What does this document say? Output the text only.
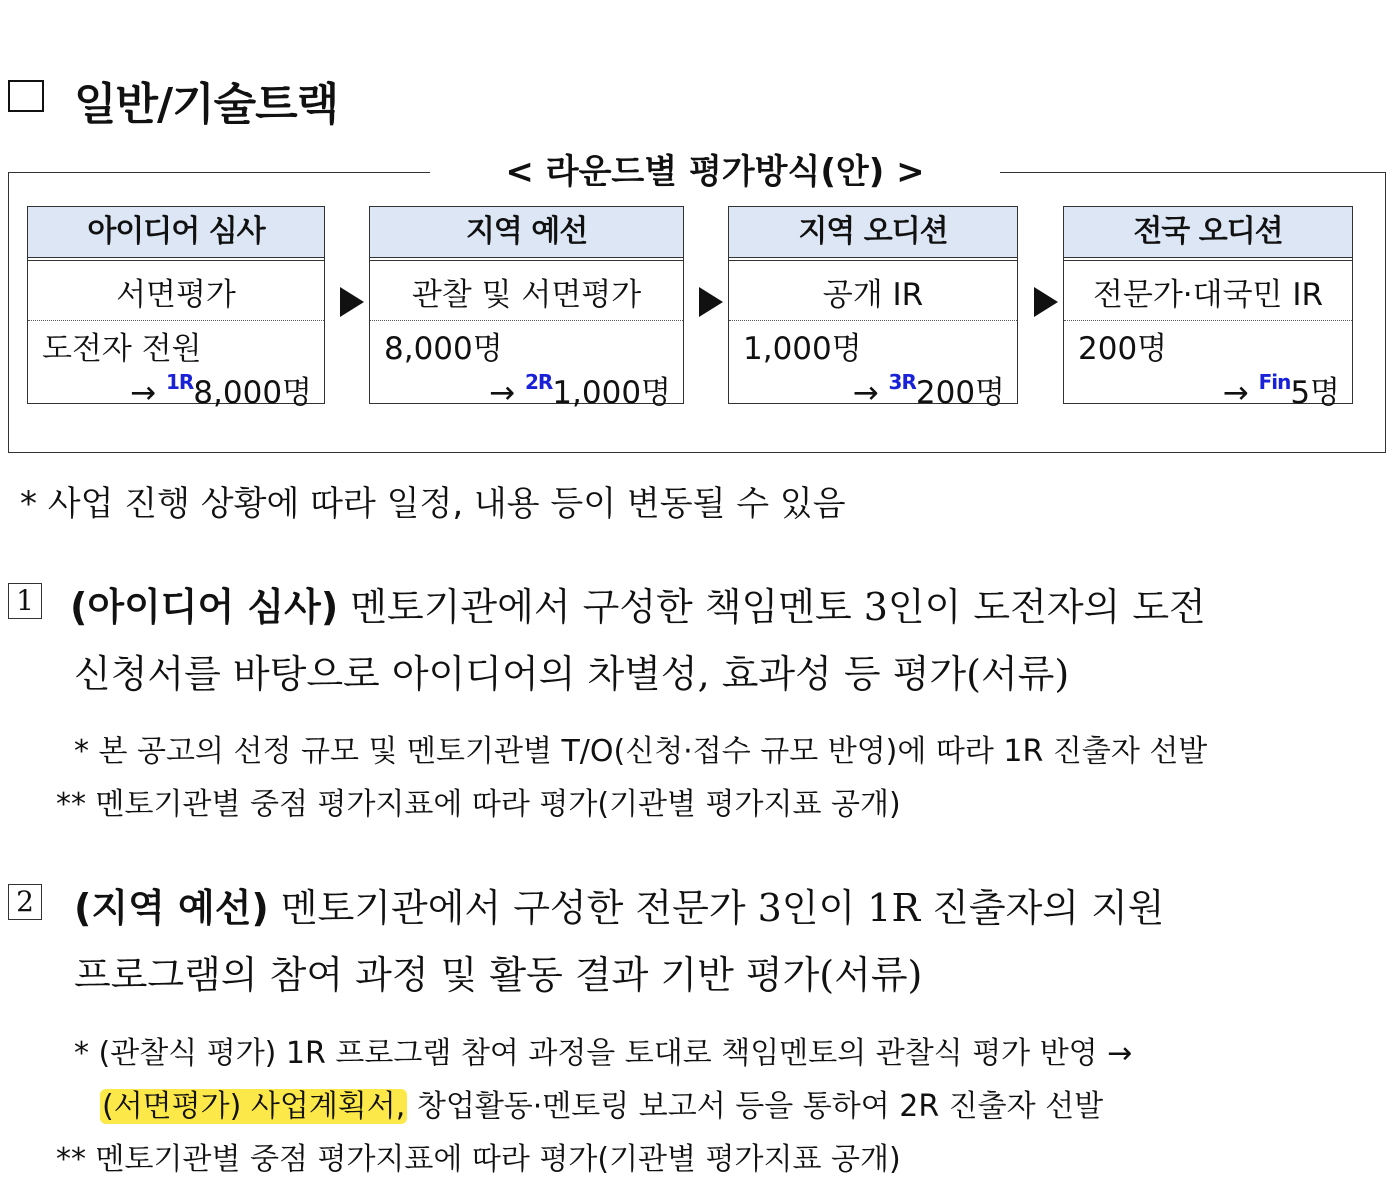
일반/기술트랙
< 라운드별 평가방식(안) >
아이디어 심사
서면평가
도전자 전원
→ $^{1R}$8,000명
지역 예선
관찰 및 서면평가
8,000명
→ $^{2R}$1,000명
지역 오디션
공개 IR
1,000명
→ $^{3R}$200명
전국 오디션
전문가·대국민 IR
200명
→ $^{Fin}$5명
* 사업 진행 상황에 따라 일정, 내용 등이 변동될 수 있음
1 (아이디어 심사) 멘토기관에서 구성한 책임멘토 3인이 도전자의 도전
신청서를 바탕으로 아이디어의 차별성, 효과성 등 평가(서류)
* 본 공고의 선정 규모 및 멘토기관별 T/O(신청·접수 규모 반영)에 따라 1R 진출자 선발
** 멘토기관별 중점 평가지표에 따라 평가(기관별 평가지표 공개)
2 (지역 예선) 멘토기관에서 구성한 전문가 3인이 1R 진출자의 지원
프로그램의 참여 과정 및 활동 결과 기반 평가(서류)
* (관찰식 평가) 1R 프로그램 참여 과정을 토대로 책임멘토의 관찰식 평가 반영 →
(서면평가) 사업계획서, 창업활동·멘토링 보고서 등을 통하여 2R 진출자 선발
** 멘토기관별 중점 평가지표에 따라 평가(기관별 평가지표 공개)
